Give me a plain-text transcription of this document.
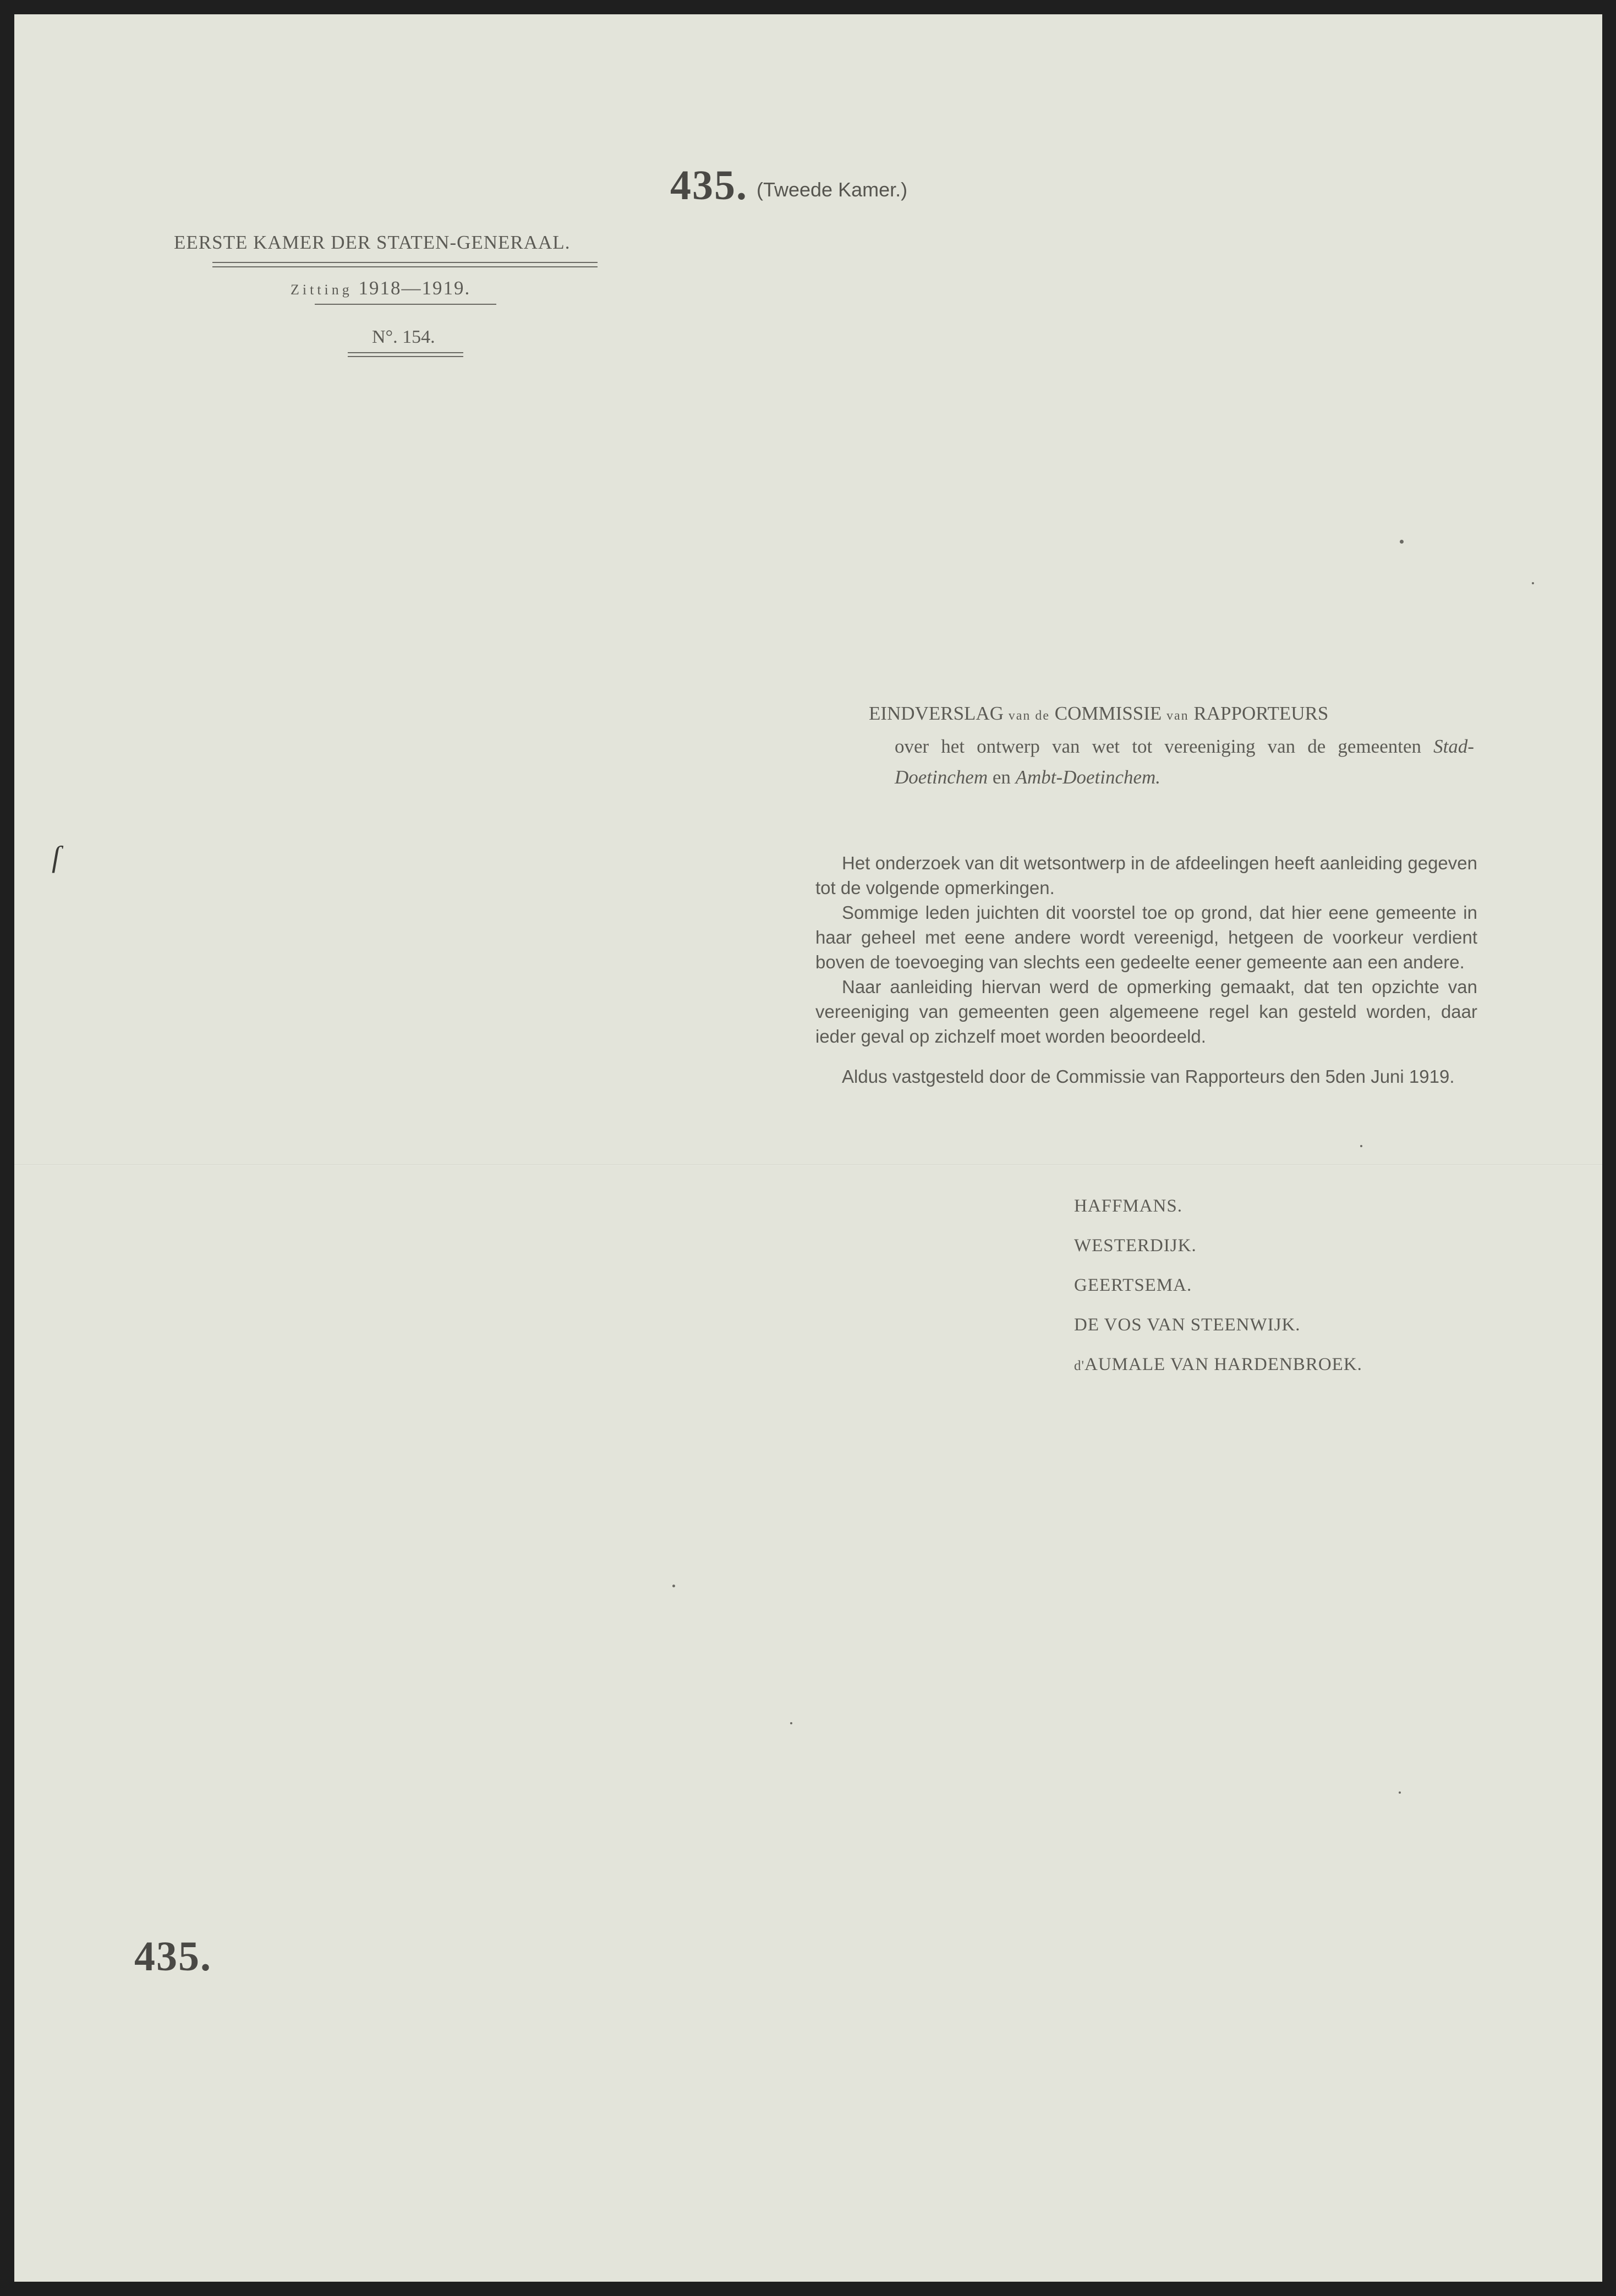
435. (Tweede Kamer.)

EERSTE KAMER DER STATEN-GENERAAL.

Zitting 1918—1919.

N°. 154.

EINDVERSLAG van de COMMISSIE van RAPPORTEURS
over het ontwerp van wet tot vereeniging van de gemeenten Stad-Doetinchem en Ambt-Doetinchem.

Het onderzoek van dit wetsontwerp in de afdeelingen heeft aanleiding gegeven tot de volgende opmerkingen.

Sommige leden juichten dit voorstel toe op grond, dat hier eene gemeente in haar geheel met eene andere wordt vereenigd, hetgeen de voorkeur verdient boven de toevoeging van slechts een gedeelte eener gemeente aan een andere.

Naar aanleiding hiervan werd de opmerking gemaakt, dat ten opzichte van vereeniging van gemeenten geen algemeene regel kan gesteld worden, daar ieder geval op zichzelf moet worden beoordeeld.

Aldus vastgesteld door de Commissie van Rapporteurs den 5den Juni 1919.

HAFFMANS.
WESTERDIJK.
GEERTSEMA.
DE VOS VAN STEENWIJK.
d'AUMALE VAN HARDENBROEK.

435.

ſ
